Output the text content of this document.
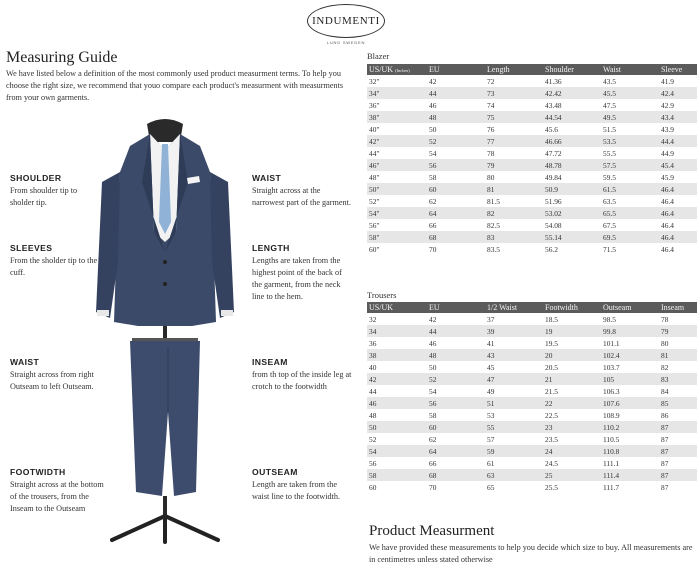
INDUMENTI
LUND SWEDEN
Measuring Guide
We have listed below a definition of the most commonly used product measurment terms. To help you choose the right size, we recommend that youo compare each product's measurment with measurments from your own garments.
SHOULDER
From shoulder tip to sholder tip.
SLEEVES
From the sholder tip to the cuff.
WAIST
Straight across from right Outseam to left Outseam.
FOOTWIDTH
Straight across at the bottom of the trousers, from the Inseam to the Outseam
WAIST
Straight across at the narrowest part of the garment.
LENGTH
Lengths are taken from the highest point of the back of the garment, from the neck line to the hem.
INSEAM
from th top of the inside leg at crotch to the footwidth
OUTSEAM
Length are taken from the waist line to the footwidth.
Blazer
US/UK (Inches)	EU	Length	Shoulder	Waist	Sleeve
32"	42	72	41.36	43.5	41.9
34"	44	73	42.42	45.5	42.4
36"	46	74	43.48	47.5	42.9
38"	48	75	44.54	49.5	43.4
40"	50	76	45.6	51.5	43.9
42"	52	77	46.66	53.5	44.4
44"	54	78	47.72	55.5	44.9
46"	56	79	48.78	57.5	45.4
48"	58	80	49.84	59.5	45.9
50"	60	81	50.9	61.5	46.4
52"	62	81.5	51.96	63.5	46.4
54"	64	82	53.02	65.5	46.4
56"	66	82.5	54.08	67.5	46.4
58"	68	83	55.14	69.5	46.4
60"	70	83.5	56.2	71.5	46.4
Trousers
US/UK	EU	1/2 Waist	Footwidth	Outseam	Inseam
32	42	37	18.5	98.5	78
34	44	39	19	99.8	79
36	46	41	19.5	101.1	80
38	48	43	20	102.4	81
40	50	45	20.5	103.7	82
42	52	47	21	105	83
44	54	49	21.5	106.3	84
46	56	51	22	107.6	85
48	58	53	22.5	108.9	86
50	60	55	23	110.2	87
52	62	57	23.5	110.5	87
54	64	59	24	110.8	87
56	66	61	24.5	111.1	87
58	68	63	25	111.4	87
60	70	65	25.5	111.7	87
Product Measurment
We have provided these measurements to help you decide which size to buy. All measurements are in centimetres unless stated otherwise
